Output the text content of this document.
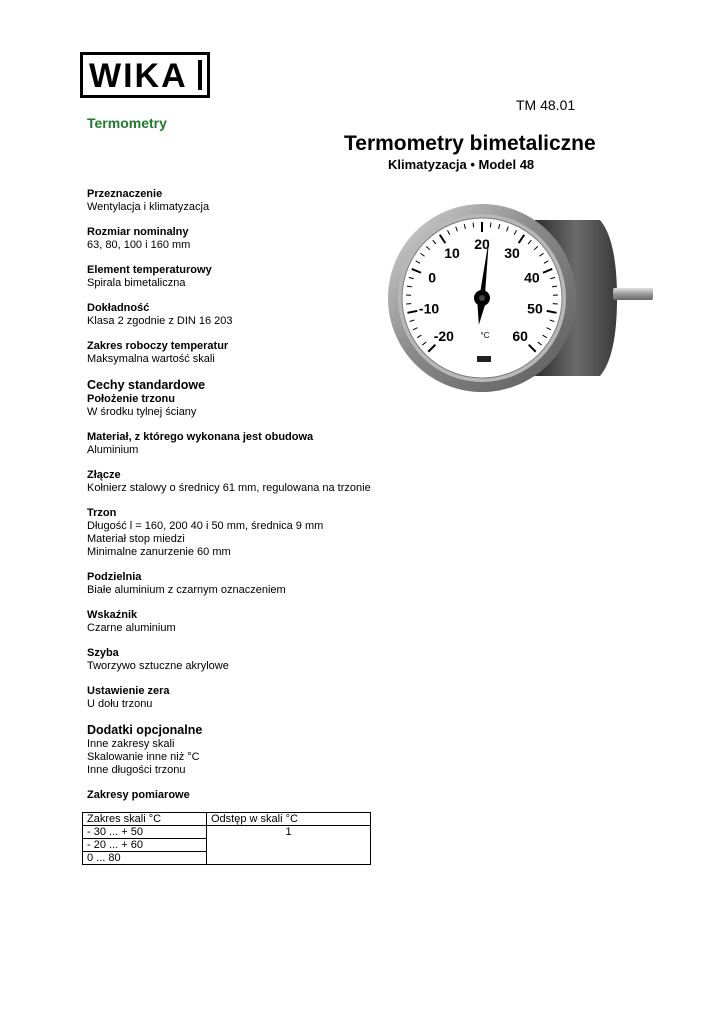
WIKA
TM 48.01
Termometry
Termometry bimetaliczne
Klimatyzacja • Model 48
Przeznaczenie
Wentylacja i klimatyzacja
Rozmiar nominalny
63, 80, 100 i 160 mm
Element temperaturowy
Spirala bimetaliczna
Dokładność
Klasa 2 zgodnie z DIN 16 203
Zakres roboczy temperatur
Maksymalna wartość skali
Cechy standardowe
Położenie trzonu
W środku tylnej ściany
Materiał, z którego wykonana jest obudowa
Aluminium
Złącze
Kołnierz stalowy o średnicy 61 mm, regulowana na trzonie
Trzon
Długość l = 160, 200 40 i 50 mm, średnica 9 mm
Materiał stop miedzi
Minimalne zanurzenie 60 mm
Podzielnia
Białe aluminium z czarnym oznaczeniem
Wskaźnik
Czarne aluminium
Szyba
Tworzywo sztuczne akrylowe
Ustawienie zera
U dołu trzonu
Dodatki opcjonalne
Inne zakresy skali
Skalowanie inne niż °C
Inne długości trzonu
Zakresy pomiarowe
-20
-10
0
10
20
30
40
50
60
°C
Zakres skali °C	Odstęp w skali °C
- 30 ... + 50	1
- 20 ... + 60	
0 ... 80	
